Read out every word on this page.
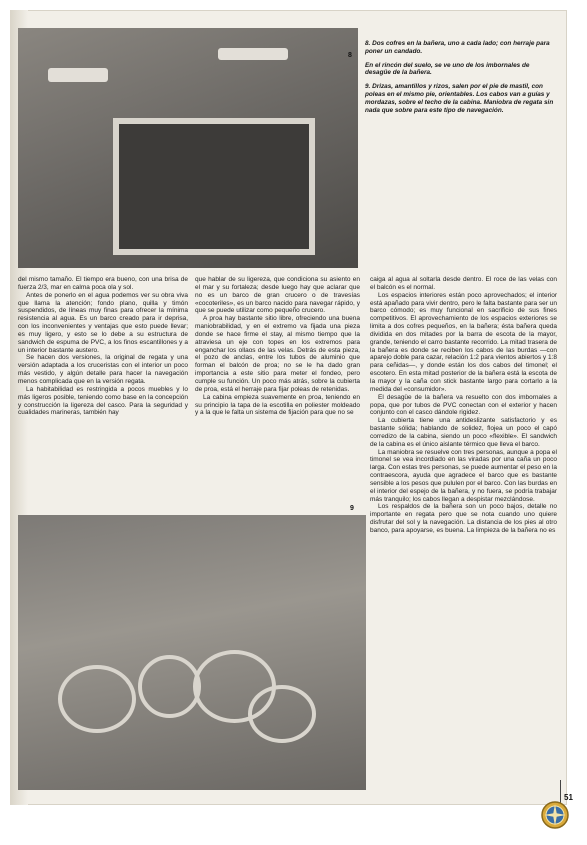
8

8. Dos cofres en la bañera, uno a cada lado; con herraje para poner un candado.

En el rincón del suelo, se ve uno de los imbornales de desagüe de la bañera.

9. Drizas, amantillos y rizos, salen por el pie de mastil, con poleas en el mismo pie, orientables. Los cabos van a guías y mordazas, sobre el techo de la cabina. Maniobra de regata sin nada que sobre para este tipo de navegación.

del mismo tamaño. El tiempo era bueno, con una brisa de fuerza 2/3, mar en calma poca ola y sol.

Antes de ponerlo en el agua podemos ver su obra viva que llama la atención; fondo plano, quilla y timón suspendidos, de líneas muy finas para ofrecer la mínima resistencia al agua. Es un barco creado para ir deprisa, con los inconvenientes y ventajas que esto puede llevar; es muy ligero, y esto se lo debe a su estructura de sandwich de espuma de PVC, a los finos escantillones y a un interior bastante austero.

Se hacen dos versiones, la original de regata y una versión adaptada a los cruceristas con el interior un poco más vestido, y algún detalle para hacer la navegación menos complicada que en la versión regata.

La habitabilidad es restringida a pocos muebles y lo más ligeros posible, teniendo como base en la concepción y construcción la ligereza del casco. Para la seguridad y cualidades marineras, también hay

que hablar de su ligereza, que condiciona su asiento en el mar y su fortaleza; desde luego hay que aclarar que no es un barco de gran crucero o de travesías «cocoteriles», es un barco nacido para navegar rápido, y que se puede utilizar como pequeño crucero.

A proa hay bastante sitio libre, ofreciendo una buena maniobrabilidad, y en el extremo va fijada una pieza donde se hace firme el stay, al mismo tiempo que la atraviesa un eje con topes en los extremos para enganchar los ollaos de las velas. Detrás de esta pieza, el pozo de anclas, entre los tubos de aluminio que forman el balcón de proa; no se le ha dado gran importancia a este sitio para meter el fondeo, pero cumple su función. Un poco más atrás, sobre la cubierta de proa, está el herraje para fijar poleas de retenidas.

La cabina empieza suavemente en proa, teniendo en su principio la tapa de la escotilla en poliester moldeado y a la que le falta un sistema de fijación para que no se

caiga al agua al soltarla desde dentro. El roce de las velas con el balcón es el normal.

Los espacios interiores están poco aprovechados; el interior está apañado para vivir dentro, pero le falta bastante para ser un barco cómodo; es muy funcional en sacrificio de sus fines competitivos. El aprovechamiento de los espacios exteriores se limita a dos cofres pequeños, en la bañera; ésta bañera queda dividida en dos mitades por la barra de escota de la mayor, grande, teniendo el carro bastante recorrido. La mitad trasera de la bañera es donde se reciben los cabos de las burdas —con aparejo doble para cazar, relación 1:2 para vientos abiertos y 1:8 para ceñidas—, y donde están los dos cabos del timonel; el escotero. En esta mitad posterior de la bañera está la escota de la mayor y la caña con stick bastante largo para cortarlo a la medida del «consumidor».

El desagüe de la bañera va resuelto con dos imbornales a popa, que por tubos de PVC conectan con el exterior y hacen conjunto con el casco dándole rigidez.

La cubierta tiene una antideslizante satisfactorio y es bastante sólida; hablando de solidez, flojea un poco el capó corredizo de la cabina, siendo un poco «flexible». El sandwich de la cabina es el único aislante térmico que lleva el barco.

La maniobra se resuelve con tres personas, aunque a popa el timonel se vea incordiado en las viradas por una caña un poco larga. Con estas tres personas, se puede aumentar el peso en la contraescora, ayuda que agradece el barco que es bastante sensible a los pesos que pululen por el barco. Con las burdas en el interior del espejo de la bañera, y no fuera, se podría trabajar más tranquilo; los cabos llegan a despistar mezclándose.

Los respaldos de la bañera son un poco bajos, detalle no importante en regata pero que se nota cuando uno quiere disfrutar del sol y la navegación. La distancia de los pies al otro banco, para apoyarse, es buena. La limpieza de la bañera no es

9
51
